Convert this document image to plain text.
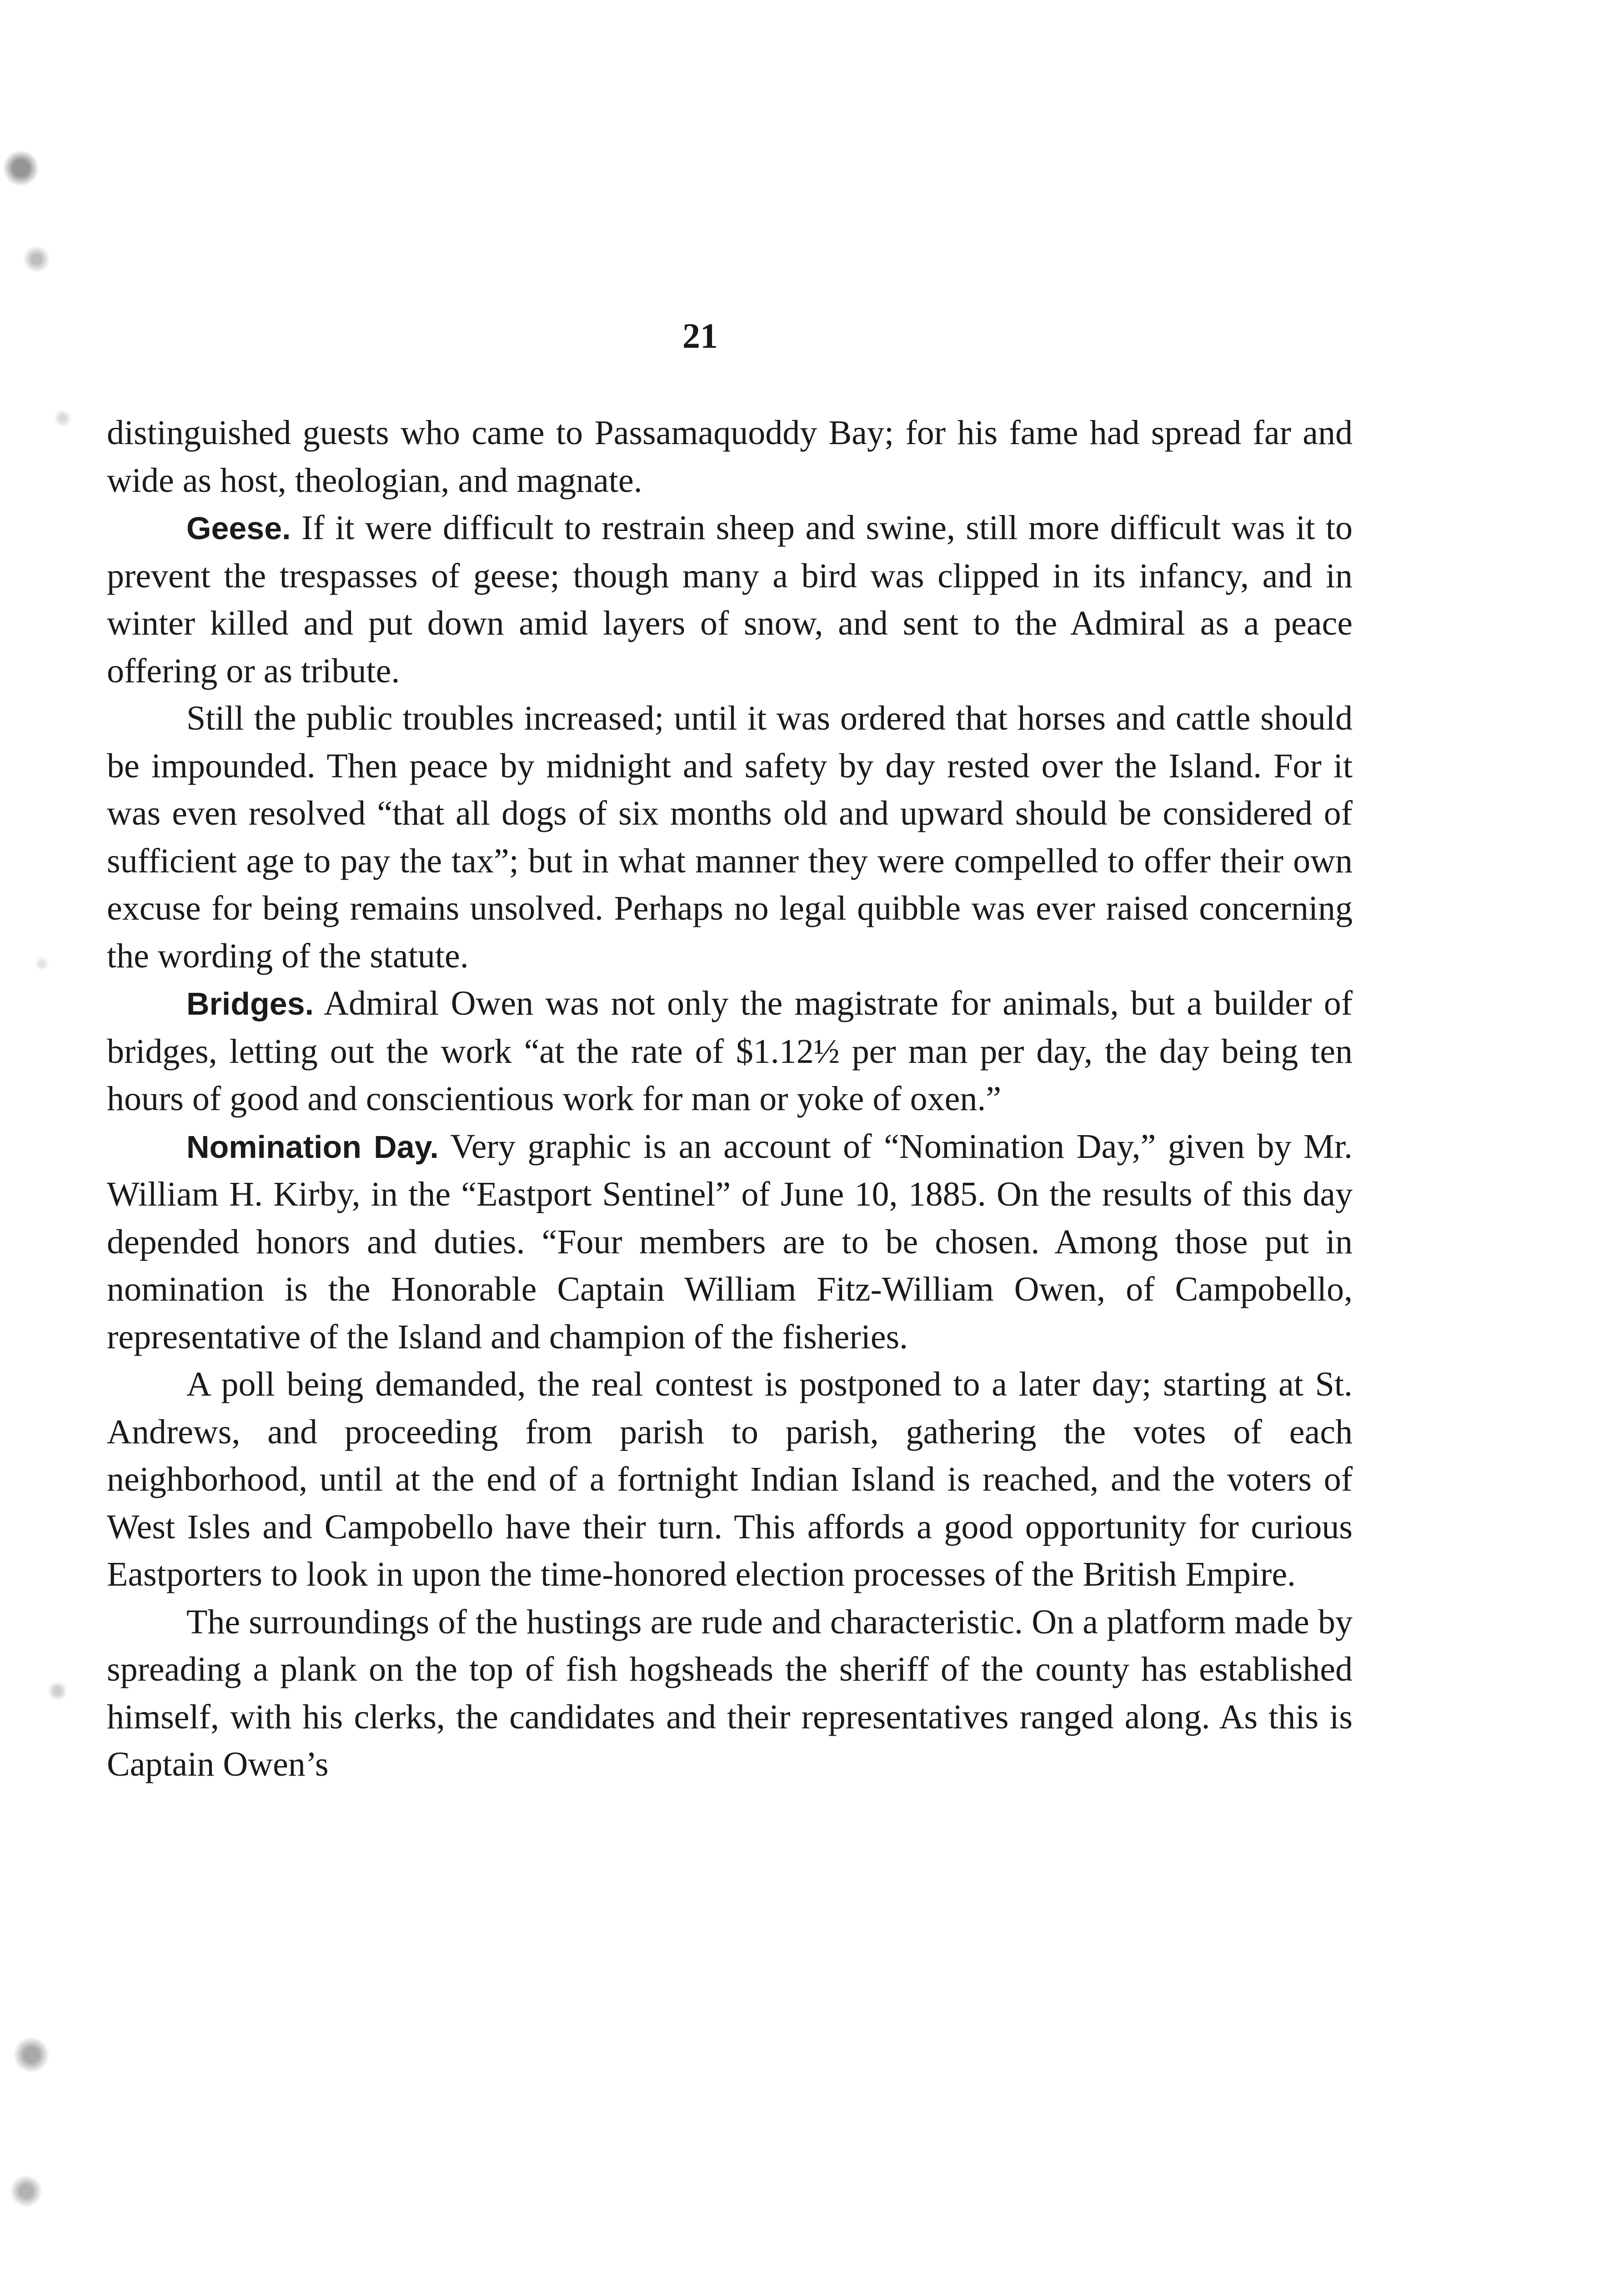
21

distinguished guests who came to Passamaquoddy Bay; for his fame had spread far and wide as host, theologian, and magnate.

Geese. If it were difficult to restrain sheep and swine, still more difficult was it to prevent the trespasses of geese; though many a bird was clipped in its infancy, and in winter killed and put down amid layers of snow, and sent to the Admiral as a peace offering or as tribute.

Still the public troubles increased; until it was ordered that horses and cattle should be impounded. Then peace by midnight and safety by day rested over the Island. For it was even resolved “that all dogs of six months old and upward should be considered of sufficient age to pay the tax”; but in what manner they were compelled to offer their own excuse for being remains unsolved. Perhaps no legal quibble was ever raised concerning the wording of the statute.

Bridges. Admiral Owen was not only the magistrate for animals, but a builder of bridges, letting out the work “at the rate of $1.12½ per man per day, the day being ten hours of good and conscientious work for man or yoke of oxen.”

Nomination Day. Very graphic is an account of “Nomination Day,” given by Mr. William H. Kirby, in the “Eastport Sentinel” of June 10, 1885. On the results of this day depended honors and duties. “Four members are to be chosen. Among those put in nomination is the Honorable Captain William Fitz-William Owen, of Campobello, representative of the Island and champion of the fisheries.

A poll being demanded, the real contest is postponed to a later day; starting at St. Andrews, and proceeding from parish to parish, gathering the votes of each neighborhood, until at the end of a fortnight Indian Island is reached, and the voters of West Isles and Campobello have their turn. This affords a good opportunity for curious Eastporters to look in upon the time-honored election processes of the British Empire.

The surroundings of the hustings are rude and characteristic. On a platform made by spreading a plank on the top of fish hogsheads the sheriff of the county has established himself, with his clerks, the candidates and their representatives ranged along. As this is Captain Owen’s
